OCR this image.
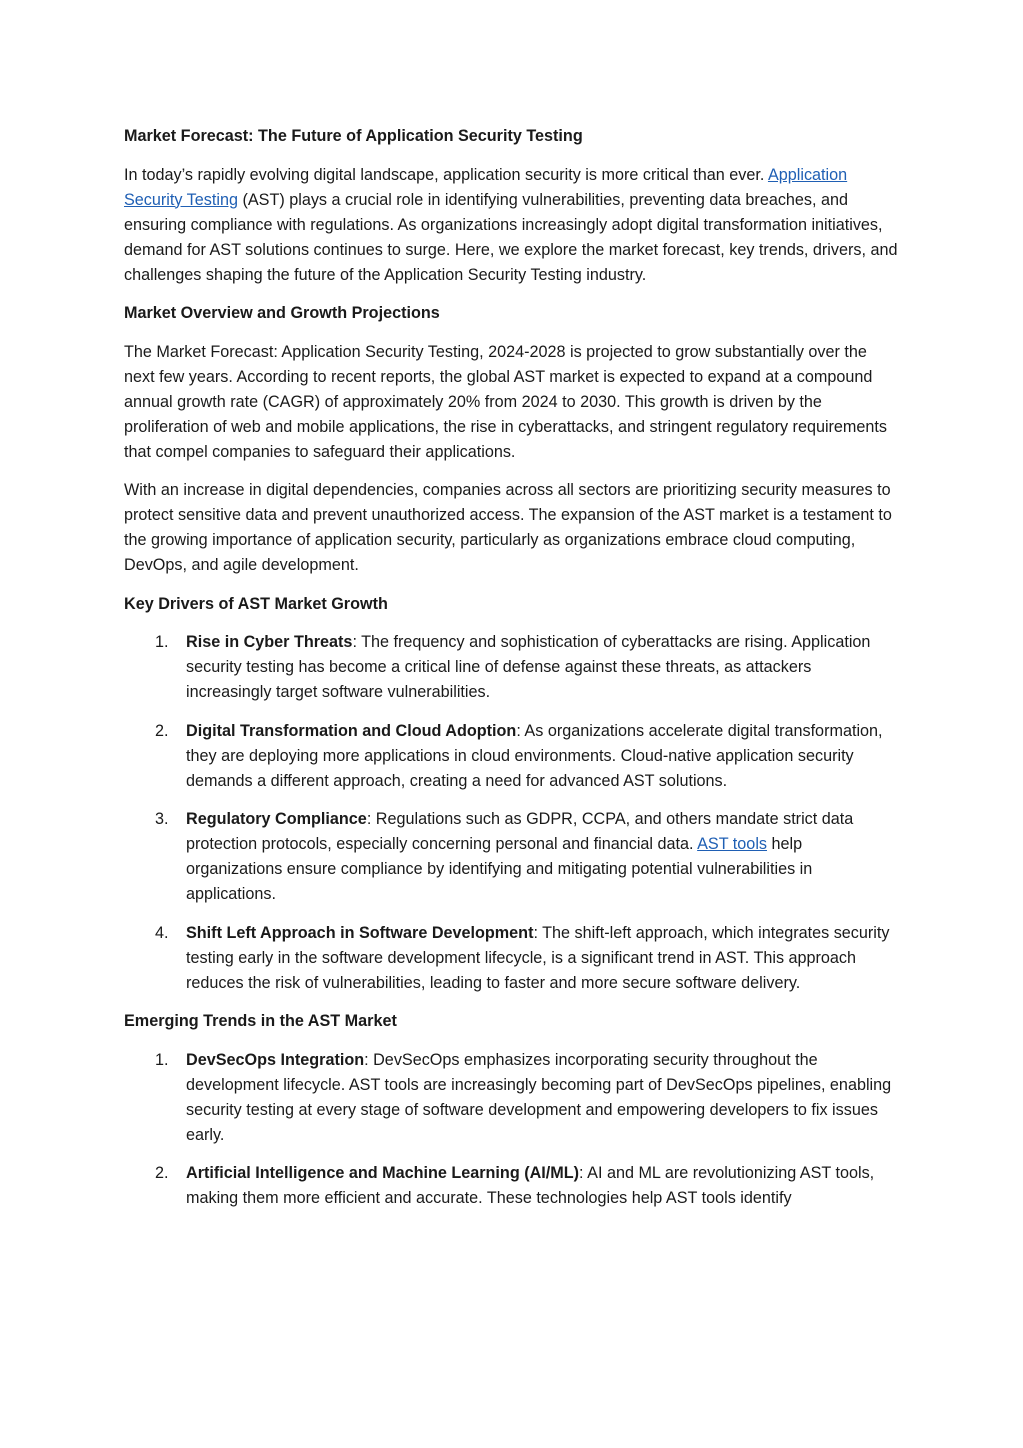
Market Forecast: The Future of Application Security Testing

In today’s rapidly evolving digital landscape, application security is more critical than ever. Application Security Testing (AST) plays a crucial role in identifying vulnerabilities, preventing data breaches, and ensuring compliance with regulations. As organizations increasingly adopt digital transformation initiatives, demand for AST solutions continues to surge. Here, we explore the market forecast, key trends, drivers, and challenges shaping the future of the Application Security Testing industry.

Market Overview and Growth Projections

The Market Forecast: Application Security Testing, 2024-2028 is projected to grow substantially over the next few years. According to recent reports, the global AST market is expected to expand at a compound annual growth rate (CAGR) of approximately 20% from 2024 to 2030. This growth is driven by the proliferation of web and mobile applications, the rise in cyberattacks, and stringent regulatory requirements that compel companies to safeguard their applications.

With an increase in digital dependencies, companies across all sectors are prioritizing security measures to protect sensitive data and prevent unauthorized access. The expansion of the AST market is a testament to the growing importance of application security, particularly as organizations embrace cloud computing, DevOps, and agile development.

Key Drivers of AST Market Growth

1. Rise in Cyber Threats: The frequency and sophistication of cyberattacks are rising. Application security testing has become a critical line of defense against these threats, as attackers increasingly target software vulnerabilities.
2. Digital Transformation and Cloud Adoption: As organizations accelerate digital transformation, they are deploying more applications in cloud environments. Cloud-native application security demands a different approach, creating a need for advanced AST solutions.
3. Regulatory Compliance: Regulations such as GDPR, CCPA, and others mandate strict data protection protocols, especially concerning personal and financial data. AST tools help organizations ensure compliance by identifying and mitigating potential vulnerabilities in applications.
4. Shift Left Approach in Software Development: The shift-left approach, which integrates security testing early in the software development lifecycle, is a significant trend in AST. This approach reduces the risk of vulnerabilities, leading to faster and more secure software delivery.

Emerging Trends in the AST Market

1. DevSecOps Integration: DevSecOps emphasizes incorporating security throughout the development lifecycle. AST tools are increasingly becoming part of DevSecOps pipelines, enabling security testing at every stage of software development and empowering developers to fix issues early.
2. Artificial Intelligence and Machine Learning (AI/ML): AI and ML are revolutionizing AST tools, making them more efficient and accurate. These technologies help AST tools identify
